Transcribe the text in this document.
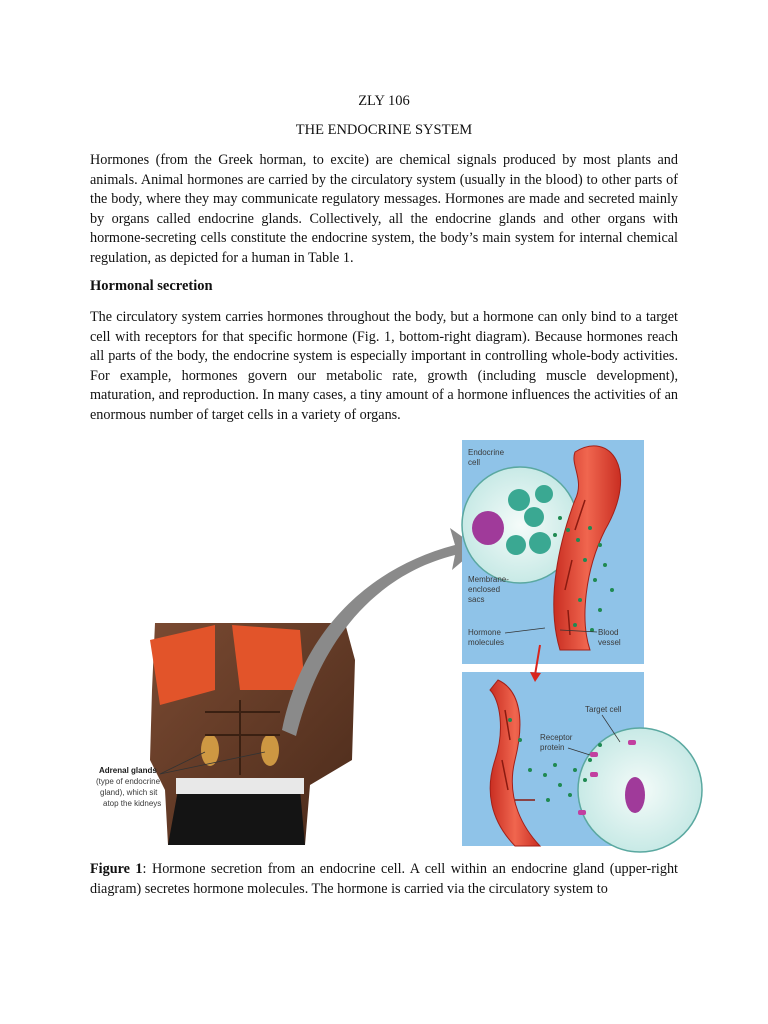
ZLY 106
THE ENDOCRINE SYSTEM

Hormones (from the Greek horman, to excite) are chemical signals produced by most plants and animals. Animal hormones are carried by the circulatory system (usually in the blood) to other parts of the body, where they may communicate regulatory messages. Hormones are made and secreted mainly by organs called endocrine glands. Collectively, all the endocrine glands and other organs with hormone-secreting cells constitute the endocrine system, the body’s main system for internal chemical regulation, as depicted for a human in Table 1.

Hormonal secretion

The circulatory system carries hormones throughout the body, but a hormone can only bind to a target cell with receptors for that specific hormone (Fig. 1, bottom-right diagram). Because hormones reach all parts of the body, the endocrine system is especially important in controlling whole-body activities. For example, hormones govern our metabolic rate, growth (including muscle development), maturation, and reproduction. In many cases, a tiny amount of a hormone influences the activities of an enormous number of target cells in a variety of organs.

Adrenal glands
(type of endocrine
gland), which sit
atop the kidneys
Endocrine
cell
Membrane-
enclosed
sacs
Hormone
molecules
Blood
vessel
Target cell
Receptor
protein

Figure 1: Hormone secretion from an endocrine cell. A cell within an endocrine gland (upper-right diagram) secretes hormone molecules. The hormone is carried via the circulatory system to
